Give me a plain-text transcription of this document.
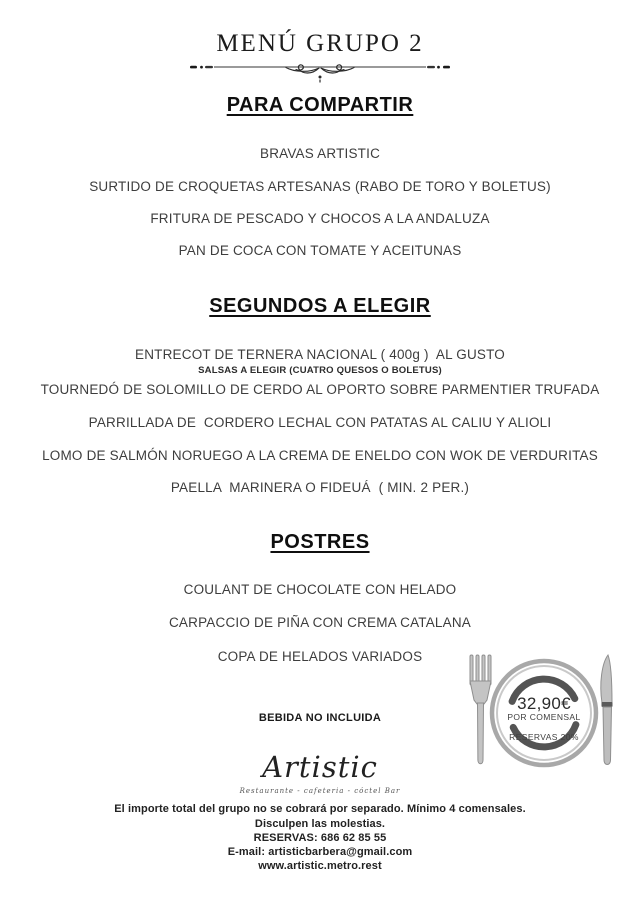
MENÚ GRUPO 2
PARA COMPARTIR
BRAVAS ARTISTIC
SURTIDO DE CROQUETAS ARTESANAS (RABO DE TORO Y BOLETUS)
FRITURA DE PESCADO Y CHOCOS A LA ANDALUZA
PAN DE COCA CON TOMATE Y ACEITUNAS
SEGUNDOS A ELEGIR
ENTRECOT DE TERNERA NACIONAL ( 400g )  AL GUSTO
SALSAS A ELEGIR (CUATRO QUESOS O BOLETUS)
TOURNEDÓ DE SOLOMILLO DE CERDO AL OPORTO SOBRE PARMENTIER TRUFADA
PARRILLADA DE  CORDERO LECHAL CON PATATAS AL CALIU Y ALIOLI
LOMO DE SALMÓN NORUEGO A LA CREMA DE ENELDO CON WOK DE VERDURITAS
PAELLA  MARINERA O FIDEUÁ  ( MIN. 2 PER.)
POSTRES
COULANT DE CHOCOLATE CON HELADO
CARPACCIO DE PIÑA CON CREMA CATALANA
COPA DE HELADOS VARIADOS
32,90€
POR COMENSAL
RESERVAS 20%
BEBIDA NO INCLUIDA
Artistic
Restaurante - cafeteria - cóctel Bar
El importe total del grupo no se cobrará por separado. Mínimo 4 comensales.
Disculpen las molestias.
RESERVAS: 686 62 85 55
E-mail: artisticbarbera@gmail.com
www.artistic.metro.rest
